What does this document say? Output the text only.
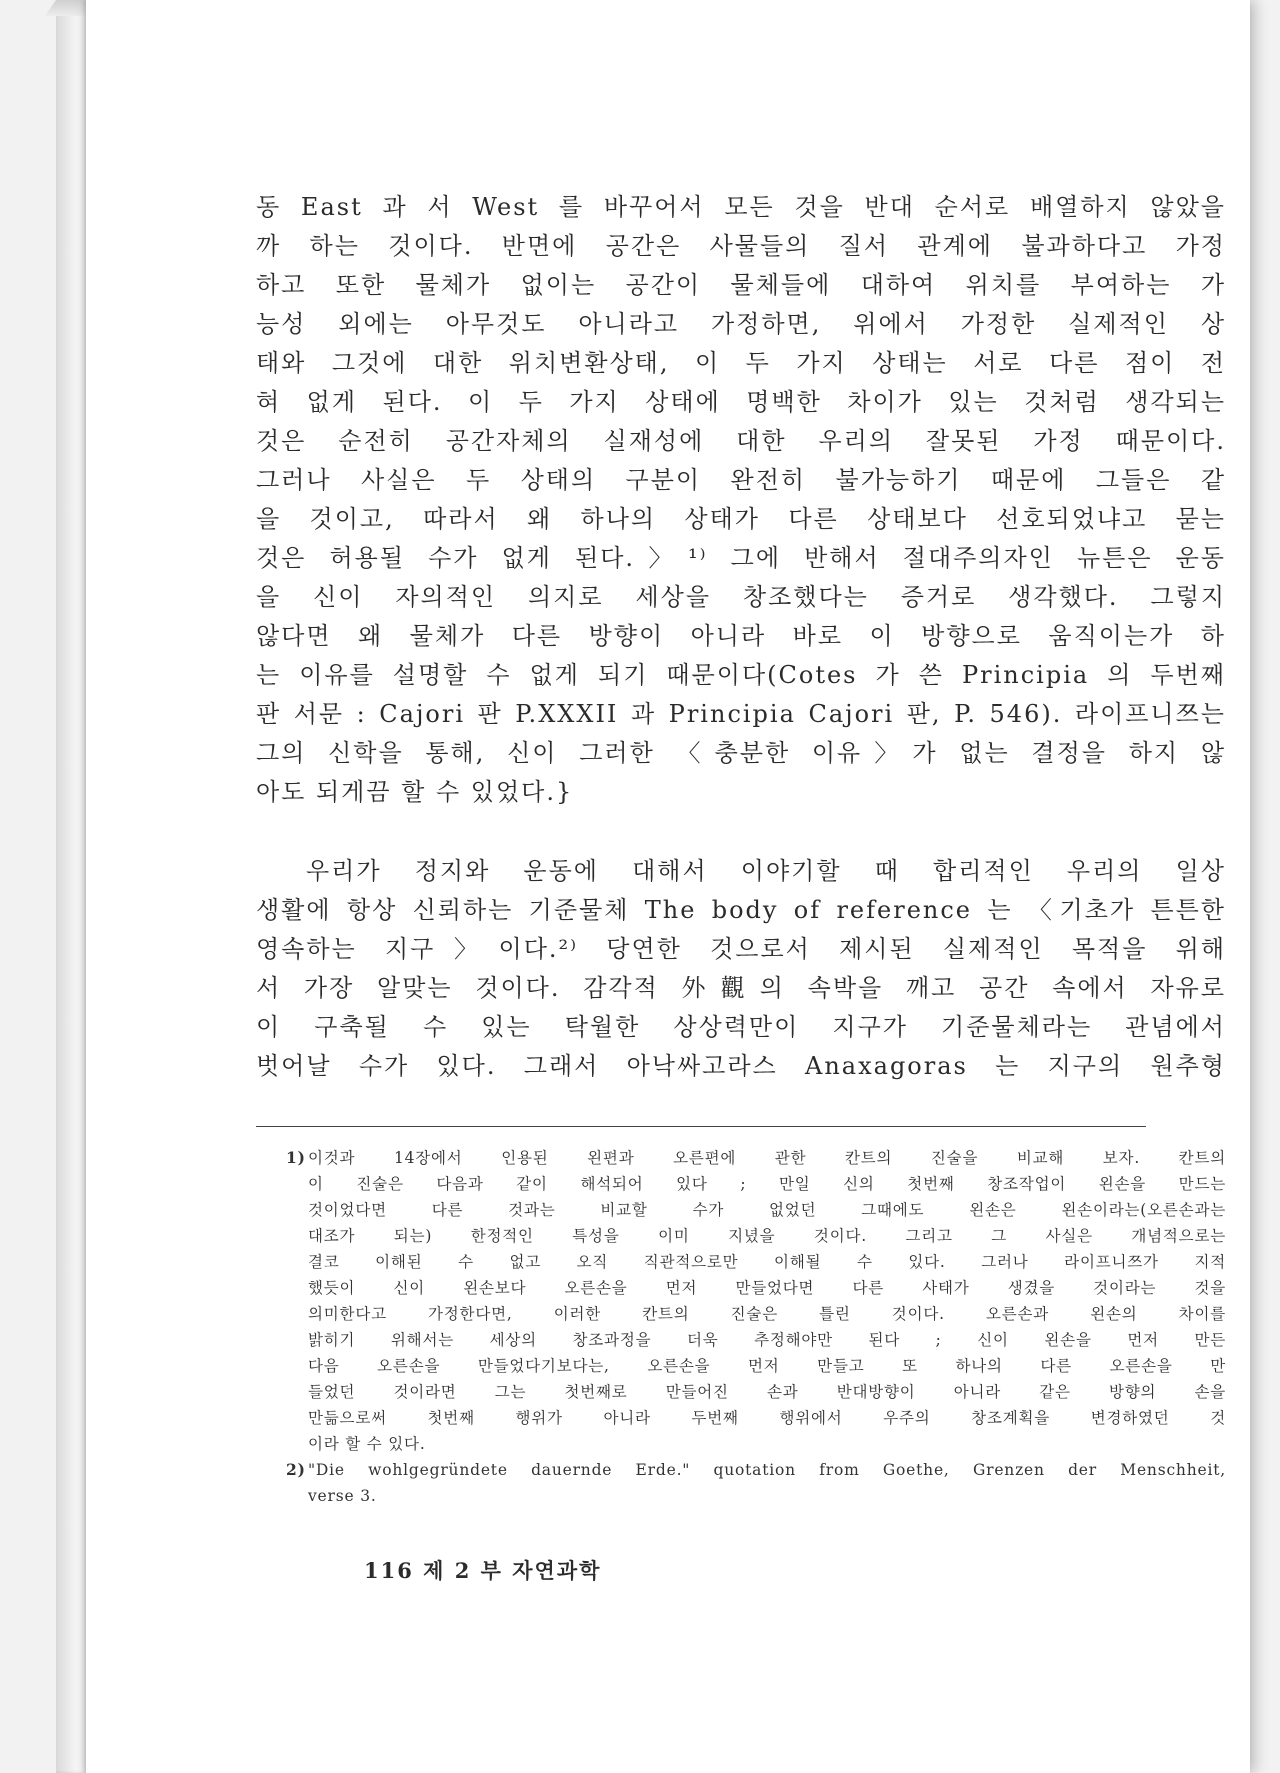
동 East 과 서 West 를 바꾸어서 모든 것을 반대 순서로 배열하지 않았을
까 하는 것이다. 반면에 공간은 사물들의 질서 관계에 불과하다고 가정
하고 또한 물체가 없이는 공간이 물체들에 대하여 위치를 부여하는 가
능성 외에는 아무것도 아니라고 가정하면, 위에서 가정한 실제적인 상
태와 그것에 대한 위치변환상태, 이 두 가지 상태는 서로 다른 점이 전
혀 없게 된다. 이 두 가지 상태에 명백한 차이가 있는 것처럼 생각되는
것은 순전히 공간자체의 실재성에 대한 우리의 잘못된 가정 때문이다.
그러나 사실은 두 상태의 구분이 완전히 불가능하기 때문에 그들은 같
을 것이고, 따라서 왜 하나의 상태가 다른 상태보다 선호되었냐고 묻는
것은 허용될 수가 없게 된다.〉¹⁾ 그에 반해서 절대주의자인 뉴튼은 운동
을 신이 자의적인 의지로 세상을 창조했다는 증거로 생각했다. 그렇지
않다면 왜 물체가 다른 방향이 아니라 바로 이 방향으로 움직이는가 하
는 이유를 설명할 수 없게 되기 때문이다(Cotes 가 쓴 Principia 의 두번째
판 서문 : Cajori 판 P.XXXII 과 Principia Cajori 판, P. 546). 라이프니쯔는
그의 신학을 통해, 신이 그러한 〈충분한 이유〉가 없는 결정을 하지 않
아도 되게끔 할 수 있었다.}

우리가 정지와 운동에 대해서 이야기할 때 합리적인 우리의 일상
생활에 항상 신뢰하는 기준물체 The body of reference 는 〈기초가 튼튼한
영속하는 지구〉이다.²⁾ 당연한 것으로서 제시된 실제적인 목적을 위해
서 가장 알맞는 것이다. 감각적 外觀의 속박을 깨고 공간 속에서 자유로
이 구축될 수 있는 탁월한 상상력만이 지구가 기준물체라는 관념에서
벗어날 수가 있다. 그래서 아낙싸고라스 Anaxagoras 는 지구의 원추형

1) 이것과 14장에서 인용된 왼편과 오른편에 관한 칸트의 진술을 비교해 보자. 칸트의
이 진술은 다음과 같이 해석되어 있다 ; 만일 신의 첫번째 창조작업이 왼손을 만드는
것이었다면 다른 것과는 비교할 수가 없었던 그때에도 왼손은 왼손이라는(오른손과는
대조가 되는) 한정적인 특성을 이미 지녔을 것이다. 그리고 그 사실은 개념적으로는
결코 이해된 수 없고 오직 직관적으로만 이해될 수 있다. 그러나 라이프니쯔가 지적
했듯이 신이 왼손보다 오른손을 먼저 만들었다면 다른 사태가 생겼을 것이라는 것을
의미한다고 가정한다면, 이러한 칸트의 진술은 틀린 것이다. 오른손과 왼손의 차이를
밝히기 위해서는 세상의 창조과정을 더욱 추정해야만 된다 ; 신이 왼손을 먼저 만든
다음 오른손을 만들었다기보다는, 오른손을 먼저 만들고 또 하나의 다른 오른손을 만
들었던 것이라면 그는 첫번째로 만들어진 손과 반대방향이 아니라 같은 방향의 손을
만듦으로써 첫번째 행위가 아니라 두번째 행위에서 우주의 창조계획을 변경하였던 것
이라 할 수 있다.
2) "Die wohlgegründete dauernde Erde." quotation from Goethe, Grenzen der Menschheit,
verse 3.
116 제 2 부 자연과학
